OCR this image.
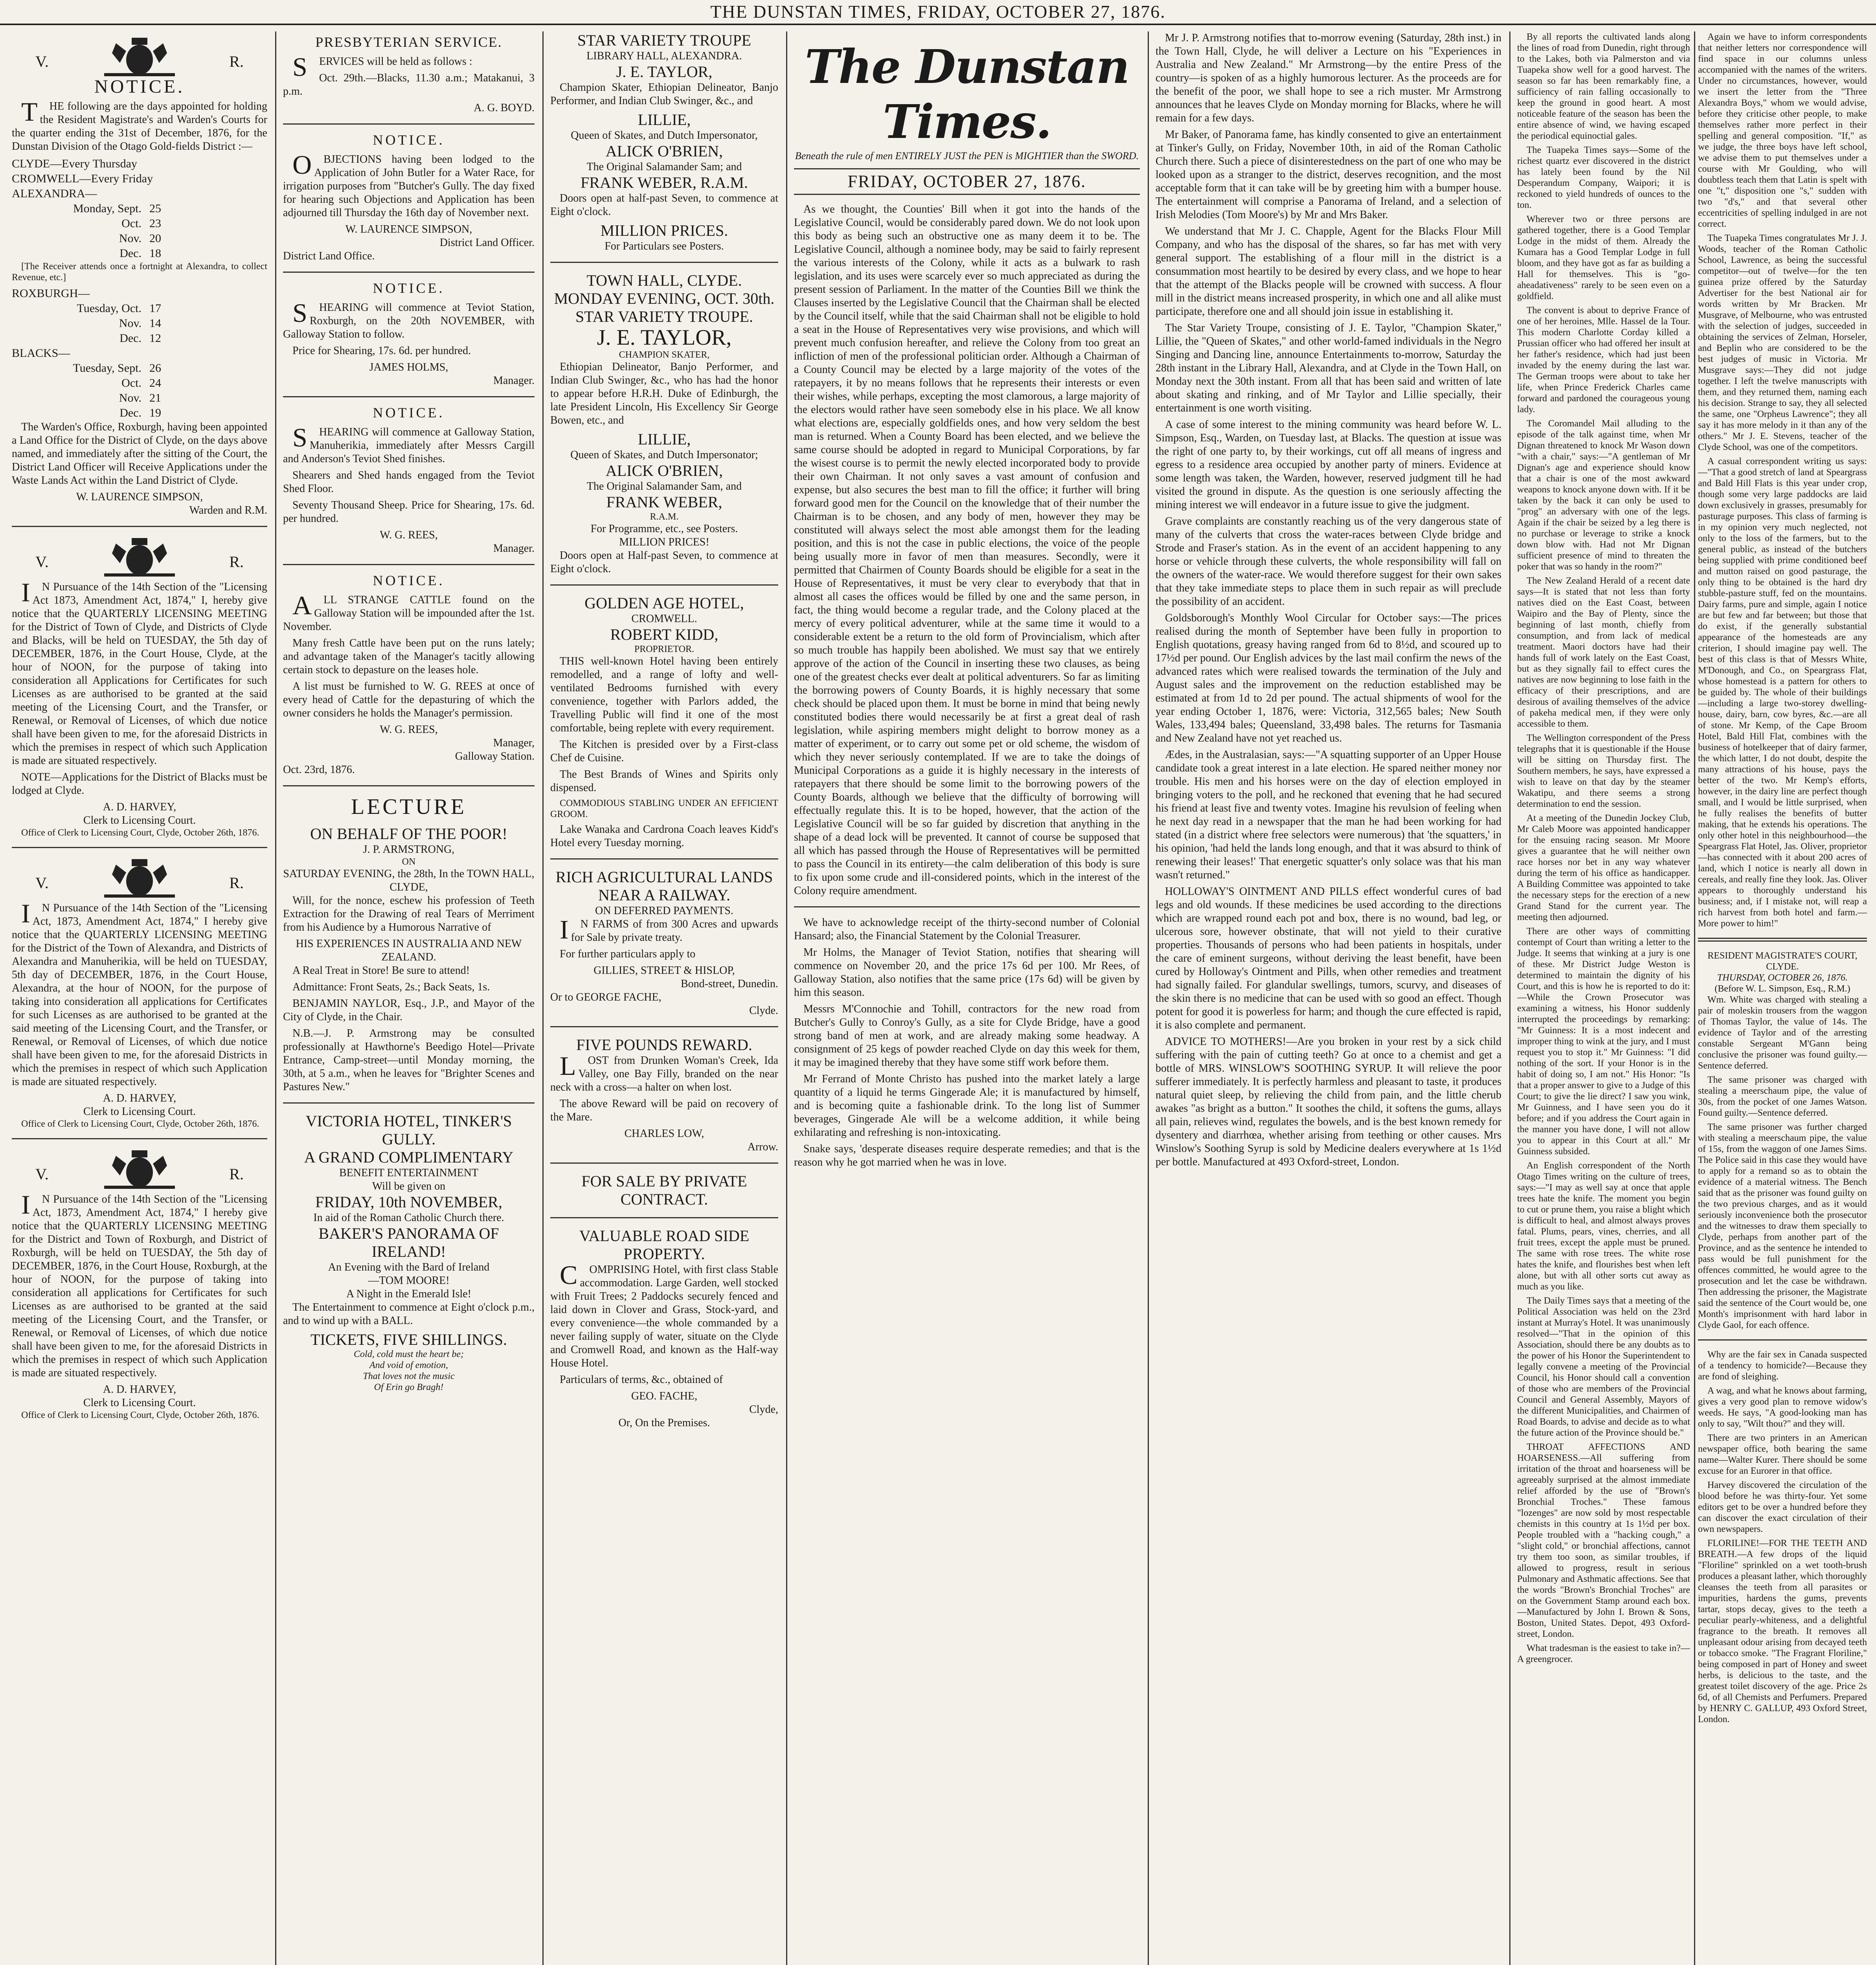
THE DUNSTAN TIMES, FRIDAY, OCTOBER 27, 1876.
V.	R.
NOTICE.

THE following are the days appointed for holding the Resident Magistrate's and Warden's Courts for the quarter ending the 31st of December, 1876, for the Dunstan Division of the Otago Gold-fields District :—

CLYDE—Every Thursday
CROMWELL—Every Friday
ALEXANDRA—
Monday, Sept. 25
Oct. 23
Nov. 20
Dec. 18

[The Receiver attends once a fortnight at Alexandra, to collect Revenue, etc.]

ROXBURGH—
Tuesday, Oct. 17
Nov. 14
Dec. 12
BLACKS—
Tuesday, Sept. 26
Oct. 24
Nov. 21
Dec. 19

The Warden's Office, Roxburgh, having been appointed a Land Office for the District of Clyde, on the days above named, and immediately after the sitting of the Court, the District Land Officer will Receive Applications under the Waste Lands Act within the Land District of Clyde.

W. LAURENCE SIMPSON,
Warden and R.M.
V.	R.

IN Pursuance of the 14th Section of the "Licensing Act 1873, Amendment Act, 1874," I, hereby give notice that the QUARTERLY LICENSING MEETING for the District of Town of Clyde, and Districts of Clyde and Blacks, will be held on TUESDAY, the 5th day of DECEMBER, 1876, in the Court House, Clyde, at the hour of NOON, for the purpose of taking into consideration all Applications for Certificates for such Licenses as are authorised to be granted at the said meeting of the Licensing Court, and the Transfer, or Renewal, or Removal of Licenses, of which due notice shall have been given to me, for the aforesaid Districts in which the premises in respect of which such Application is made are situated respectively.

NOTE—Applications for the District of Blacks must be lodged at Clyde.

A. D. HARVEY,
Clerk to Licensing Court.

Office of Clerk to Licensing Court, Clyde, October 26th, 1876.

V.	R.

IN Pursuance of the 14th Section of the "Licensing Act, 1873, Amendment Act, 1874," I hereby give notice that the QUARTERLY LICENSING MEETING for the District of the Town of Alexandra, and Districts of Alexandra and Manuherikia, will be held on TUESDAY, 5th day of DECEMBER, 1876, in the Court House, Alexandra, at the hour of NOON, for the purpose of taking into consideration all applications for Certificates for such Licenses as are authorised to be granted at the said meeting of the Licensing Court, and the Transfer, or Renewal, or Removal of Licenses, of which due notice shall have been given to me, for the aforesaid Districts in which the premises in respect of which such Application is made are situated respectively.

A. D. HARVEY,
Clerk to Licensing Court.

Office of Clerk to Licensing Court, Clyde, October 26th, 1876.

V.	R.

IN Pursuance of the 14th Section of the "Licensing Act, 1873, Amendment Act, 1874," I hereby give notice that the QUARTERLY LICENSING MEETING for the District and Town of Roxburgh, and District of Roxburgh, will be held on TUESDAY, the 5th day of DECEMBER, 1876, in the Court House, Roxburgh, at the hour of NOON, for the purpose of taking into consideration all applications for Certificates for such Licenses as are authorised to be granted at the said meeting of the Licensing Court, and the Transfer, or Renewal, or Removal of Licenses, of which due notice shall have been given to me, for the aforesaid Districts in which the premises in respect of which such Application is made are situated respectively.

A. D. HARVEY,
Clerk to Licensing Court.

Office of Clerk to Licensing Court, Clyde, October 26th, 1876.

PRESBYTERIAN SERVICE.

SERVICES will be held as follows :

Oct. 29th.—Blacks, 11.30 a.m.; Matakanui, 3 p.m.

A. G. BOYD.
NOTICE.

OBJECTIONS having been lodged to the Application of John Butler for a Water Race, for irrigation purposes from "Butcher's Gully. The day fixed for hearing such Objections and Application has been adjourned till Thursday the 16th day of November next.

W. LAURENCE SIMPSON,
District Land Officer.
District Land Office.
NOTICE.

SHEARING will commence at Teviot Station, Roxburgh, on the 20th NOVEMBER, with Galloway Station to follow.

Price for Shearing, 17s. 6d. per hundred.

JAMES HOLMS,
Manager.
NOTICE.

SHEARING will commence at Galloway Station, Manuherikia, immediately after Messrs Cargill and Anderson's Teviot Shed finishes.

Shearers and Shed hands engaged from the Teviot Shed Floor.

Seventy Thousand Sheep. Price for Shearing, 17s. 6d. per hundred.

W. G. REES,
Manager.
NOTICE.

ALL STRANGE CATTLE found on the Galloway Station will be impounded after the 1st. November.

Many fresh Cattle have been put on the runs lately; and advantage taken of the Manager's tacitly allowing certain stock to depasture on the leases hole.

A list must be furnished to W. G. REES at once of every head of Cattle for the depasturing of which the owner considers he holds the Manager's permission.

W. G. REES,
Manager,
Galloway Station.
Oct. 23rd, 1876.
LECTURE
ON BEHALF OF THE POOR!
J. P. ARMSTRONG,
ON
SATURDAY EVENING, the 28th, In the TOWN HALL, CLYDE,

Will, for the nonce, eschew his profession of Teeth Extraction for the Drawing of real Tears of Merriment from his Audience by a Humorous Narrative of

HIS EXPERIENCES IN AUSTRALIA AND NEW ZEALAND.

A Real Treat in Store! Be sure to attend!

Admittance: Front Seats, 2s.; Back Seats, 1s.

BENJAMIN NAYLOR, Esq., J.P., and Mayor of the City of Clyde, in the Chair.

N.B.—J. P. Armstrong may be consulted professionally at Hawthorne's Beedigo Hotel—Private Entrance, Camp-street—until Monday morning, the 30th, at 5 a.m., when he leaves for "Brighter Scenes and Pastures New."

VICTORIA HOTEL, TINKER'S GULLY.
A GRAND COMPLIMENTARY
BENEFIT ENTERTAINMENT
Will be given on
FRIDAY, 10th NOVEMBER,
In aid of the Roman Catholic Church there.
BAKER'S PANORAMA OF IRELAND!
An Evening with the Bard of Ireland
—TOM MOORE!
A Night in the Emerald Isle!

The Entertainment to commence at Eight o'clock p.m., and to wind up with a BALL.

TICKETS, FIVE SHILLINGS.
Cold, cold must the heart be;
And void of emotion,
That loves not the music
Of Erin go Bragh!
STAR VARIETY TROUPE
LIBRARY HALL, ALEXANDRA.
J. E. TAYLOR,

Champion Skater, Ethiopian Delineator, Banjo Performer, and Indian Club Swinger, &c., and

LILLIE,
Queen of Skates, and Dutch Impersonator,
ALICK O'BRIEN,
The Original Salamander Sam; and
FRANK WEBER, R.A.M.

Doors open at half-past Seven, to commence at Eight o'clock.

MILLION PRICES.
For Particulars see Posters.
TOWN HALL, CLYDE.
MONDAY EVENING, OCT. 30th.
STAR VARIETY TROUPE.
J. E. TAYLOR,
CHAMPION SKATER,

Ethiopian Delineator, Banjo Performer, and Indian Club Swinger, &c., who has had the honor to appear before H.R.H. Duke of Edinburgh, the late President Lincoln, His Excellency Sir George Bowen, etc., and

LILLIE,
Queen of Skates, and Dutch Impersonator;
ALICK O'BRIEN,
The Original Salamander Sam, and
FRANK WEBER,
R.A.M.
For Programme, etc., see Posters.
MILLION PRICES!

Doors open at Half-past Seven, to commence at Eight o'clock.

GOLDEN AGE HOTEL,
CROMWELL.
ROBERT KIDD,
PROPRIETOR.

THIS well-known Hotel having been entirely remodelled, and a range of lofty and well-ventilated Bedrooms furnished with every convenience, together with Parlors added, the Travelling Public will find it one of the most comfortable, being replete with every requirement.

The Kitchen is presided over by a First-class Chef de Cuisine.

The Best Brands of Wines and Spirits only dispensed.

COMMODIOUS STABLING UNDER AN EFFICIENT GROOM.

Lake Wanaka and Cardrona Coach leaves Kidd's Hotel every Tuesday morning.

RICH AGRICULTURAL LANDS NEAR A RAILWAY.
ON DEFERRED PAYMENTS.

IN FARMS of from 300 Acres and upwards for Sale by private treaty.

For further particulars apply to

GILLIES, STREET & HISLOP,
Bond-street, Dunedin.
Or to GEORGE FACHE,
Clyde.
FIVE POUNDS REWARD.

LOST from Drunken Woman's Creek, Ida Valley, one Bay Filly, branded on the near neck with a cross—a halter on when lost.

The above Reward will be paid on recovery of the Mare.

CHARLES LOW,
Arrow.
FOR SALE BY PRIVATE CONTRACT.
VALUABLE ROAD SIDE PROPERTY.

COMPRISING Hotel, with first class Stable accommodation. Large Garden, well stocked with Fruit Trees; 2 Paddocks securely fenced and laid down in Clover and Grass, Stock-yard, and every convenience—the whole commanded by a never failing supply of water, situate on the Clyde and Cromwell Road, and known as the Half-way House Hotel.

Particulars of terms, &c., obtained of

GEO. FACHE,
Clyde,
Or, On the Premises.
The Dunstan Times.
Beneath the rule of men ENTIRELY JUST the PEN is MIGHTIER than the SWORD.
FRIDAY, OCTOBER 27, 1876.

As we thought, the Counties' Bill when it got into the hands of the Legislative Council, would be considerably pared down. We do not look upon this body as being such an obstructive one as many deem it to be. The Legislative Council, although a nominee body, may be said to fairly represent the various interests of the Colony, while it acts as a bulwark to rash legislation, and its uses were scarcely ever so much appreciated as during the present session of Parliament. In the matter of the Counties Bill we think the Clauses inserted by the Legislative Council that the Chairman shall be elected by the Council itself, while that the said Chairman shall not be eligible to hold a seat in the House of Representatives very wise provisions, and which will prevent much confusion hereafter, and relieve the Colony from too great an infliction of men of the professional politician order. Although a Chairman of a County Council may be elected by a large majority of the votes of the ratepayers, it by no means follows that he represents their interests or even their wishes, while perhaps, excepting the most clamorous, a large majority of the electors would rather have seen somebody else in his place. We all know what elections are, especially goldfields ones, and how very seldom the best man is returned. When a County Board has been elected, and we believe the same course should be adopted in regard to Municipal Corporations, by far the wisest course is to permit the newly elected incorporated body to provide their own Chairman. It not only saves a vast amount of confusion and expense, but also secures the best man to fill the office; it further will bring forward good men for the Council on the knowledge that of their number the Chairman is to be chosen, and any body of men, however they may be constituted will always select the most able amongst them for the leading position, and this is not the case in public elections, the voice of the people being usually more in favor of men than measures. Secondly, were it permitted that Chairmen of County Boards should be eligible for a seat in the House of Representatives, it must be very clear to everybody that that in almost all cases the offices would be filled by one and the same person, in fact, the thing would become a regular trade, and the Colony placed at the mercy of every political adventurer, while at the same time it would to a considerable extent be a return to the old form of Provincialism, which after so much trouble has happily been abolished. We must say that we entirely approve of the action of the Council in inserting these two clauses, as being one of the greatest checks ever dealt at political adventurers. So far as limiting the borrowing powers of County Boards, it is highly necessary that some check should be placed upon them. It must be borne in mind that being newly constituted bodies there would necessarily be at first a great deal of rash legislation, while aspiring members might delight to borrow money as a matter of experiment, or to carry out some pet or old scheme, the wisdom of which they never seriously contemplated. If we are to take the doings of Municipal Corporations as a guide it is highly necessary in the interests of ratepayers that there should be some limit to the borrowing powers of the County Boards, although we believe that the difficulty of borrowing will effectually regulate this. It is to be hoped, however, that the action of the Legislative Council will be so far guided by discretion that anything in the shape of a dead lock will be prevented. It cannot of course be supposed that all which has passed through the House of Representatives will be permitted to pass the Council in its entirety—the calm deliberation of this body is sure to fix upon some crude and ill-considered points, which in the interest of the Colony require amendment.

We have to acknowledge receipt of the thirty-second number of Colonial Hansard; also, the Financial Statement by the Colonial Treasurer.

Mr Holms, the Manager of Teviot Station, notifies that shearing will commence on November 20, and the price 17s 6d per 100. Mr Rees, of Galloway Station, also notifies that the same price (17s 6d) will be given by him this season.

Messrs M'Connochie and Tohill, contractors for the new road from Butcher's Gully to Conroy's Gully, as a site for Clyde Bridge, have a good strong band of men at work, and are already making some headway. A consignment of 25 kegs of powder reached Clyde on day this week for them, it may be imagined thereby that they have some stiff work before them.

Mr Ferrand of Monte Christo has pushed into the market lately a large quantity of a liquid he terms Gingerade Ale; it is manufactured by himself, and is becoming quite a fashionable drink. To the long list of Summer beverages, Gingerade Ale will be a welcome addition, it while being exhilarating and refreshing is non-intoxicating.

Snake says, 'desperate diseases require desperate remedies; and that is the reason why he got married when he was in love.

Mr J. P. Armstrong notifies that to-morrow evening (Saturday, 28th inst.) in the Town Hall, Clyde, he will deliver a Lecture on his "Experiences in Australia and New Zealand." Mr Armstrong—by the entire Press of the country—is spoken of as a highly humorous lecturer. As the proceeds are for the benefit of the poor, we shall hope to see a rich muster. Mr Armstrong announces that he leaves Clyde on Monday morning for Blacks, where he will remain for a few days.

Mr Baker, of Panorama fame, has kindly consented to give an entertainment at Tinker's Gully, on Friday, November 10th, in aid of the Roman Catholic Church there. Such a piece of disinterestedness on the part of one who may be looked upon as a stranger to the district, deserves recognition, and the most acceptable form that it can take will be by greeting him with a bumper house. The entertainment will comprise a Panorama of Ireland, and a selection of Irish Melodies (Tom Moore's) by Mr and Mrs Baker.

We understand that Mr J. C. Chapple, Agent for the Blacks Flour Mill Company, and who has the disposal of the shares, so far has met with very general support. The establishing of a flour mill in the district is a consummation most heartily to be desired by every class, and we hope to hear that the attempt of the Blacks people will be crowned with success. A flour mill in the district means increased prosperity, in which one and all alike must participate, therefore one and all should join issue in establishing it.

The Star Variety Troupe, consisting of J. E. Taylor, "Champion Skater," Lillie, the "Queen of Skates," and other world-famed individuals in the Negro Singing and Dancing line, announce Entertainments to-morrow, Saturday the 28th instant in the Library Hall, Alexandra, and at Clyde in the Town Hall, on Monday next the 30th instant. From all that has been said and written of late about skating and rinking, and of Mr Taylor and Lillie specially, their entertainment is one worth visiting.

A case of some interest to the mining community was heard before W. L. Simpson, Esq., Warden, on Tuesday last, at Blacks. The question at issue was the right of one party to, by their workings, cut off all means of ingress and egress to a residence area occupied by another party of miners. Evidence at some length was taken, the Warden, however, reserved judgment till he had visited the ground in dispute. As the question is one seriously affecting the mining interest we will endeavor in a future issue to give the judgment.

Grave complaints are constantly reaching us of the very dangerous state of many of the culverts that cross the water-races between Clyde bridge and Strode and Fraser's station. As in the event of an accident happening to any horse or vehicle through these culverts, the whole responsibility will fall on the owners of the water-race. We would therefore suggest for their own sakes that they take immediate steps to place them in such repair as will preclude the possibility of an accident.

Goldsborough's Monthly Wool Circular for October says:—The prices realised during the month of September have been fully in proportion to English quotations, greasy having ranged from 6d to 8½d, and scoured up to 17½d per pound. Our English advices by the last mail confirm the news of the advanced rates which were realised towards the termination of the July and August sales and the improvement on the reduction established may be estimated at from 1d to 2d per pound. The actual shipments of wool for the year ending October 1, 1876, were: Victoria, 312,565 bales; New South Wales, 133,494 bales; Queensland, 33,498 bales. The returns for Tasmania and New Zealand have not yet reached us.

Ædes, in the Australasian, says:—"A squatting supporter of an Upper House candidate took a great interest in a late election. He spared neither money nor trouble. His men and his horses were on the day of election employed in bringing voters to the poll, and he reckoned that evening that he had secured his friend at least five and twenty votes. Imagine his revulsion of feeling when he next day read in a newspaper that the man he had been working for had stated (in a district where free selectors were numerous) that 'the squatters,' in his opinion, 'had held the lands long enough, and that it was absurd to think of renewing their leases!' That energetic squatter's only solace was that his man wasn't returned."

HOLLOWAY'S OINTMENT AND PILLS effect wonderful cures of bad legs and old wounds. If these medicines be used according to the directions which are wrapped round each pot and box, there is no wound, bad leg, or ulcerous sore, however obstinate, that will not yield to their curative properties. Thousands of persons who had been patients in hospitals, under the care of eminent surgeons, without deriving the least benefit, have been cured by Holloway's Ointment and Pills, when other remedies and treatment had signally failed. For glandular swellings, tumors, scurvy, and diseases of the skin there is no medicine that can be used with so good an effect. Though potent for good it is powerless for harm; and though the cure effected is rapid, it is also complete and permanent.

ADVICE TO MOTHERS!—Are you broken in your rest by a sick child suffering with the pain of cutting teeth? Go at once to a chemist and get a bottle of MRS. WINSLOW'S SOOTHING SYRUP. It will relieve the poor sufferer immediately. It is perfectly harmless and pleasant to taste, it produces natural quiet sleep, by relieving the child from pain, and the little cherub awakes "as bright as a button." It soothes the child, it softens the gums, allays all pain, relieves wind, regulates the bowels, and is the best known remedy for dysentery and diarrhœa, whether arising from teething or other causes. Mrs Winslow's Soothing Syrup is sold by Medicine dealers everywhere at 1s 1½d per bottle. Manufactured at 493 Oxford-street, London.

By all reports the cultivated lands along the lines of road from Dunedin, right through to the Lakes, both via Palmerston and via Tuapeka show well for a good harvest. The season so far has been remarkably fine, a sufficiency of rain falling occasionally to keep the ground in good heart. A most noticeable feature of the season has been the entire absence of wind, we having escaped the periodical equinoctial gales.

The Tuapeka Times says—Some of the richest quartz ever discovered in the district has lately been found by the Nil Desperandum Company, Waipori; it is reckoned to yield hundreds of ounces to the ton.

Wherever two or three persons are gathered together, there is a Good Templar Lodge in the midst of them. Already the Kumara has a Good Templar Lodge in full bloom, and they have got as far as building a Hall for themselves. This is "go-aheadativeness" rarely to be seen even on a goldfield.

The convent is about to deprive France of one of her heroines, Mlle. Hassel de la Tour. This modern Charlotte Corday killed a Prussian officer who had offered her insult at her father's residence, which had just been invaded by the enemy during the last war. The German troops were about to take her life, when Prince Frederick Charles came forward and pardoned the courageous young lady.

The Coromandel Mail alluding to the episode of the talk against time, when Mr Dignan threatened to knock Mr Wason down "with a chair," says:—"A gentleman of Mr Dignan's age and experience should know that a chair is one of the most awkward weapons to knock anyone down with. If it be taken by the back it can only be used to "prog" an adversary with one of the legs. Again if the chair be seized by a leg there is no purchase or leverage to strike a knock down blow with. Had not Mr Dignan sufficient presence of mind to threaten the poker that was so handy in the room?"

The New Zealand Herald of a recent date says—It is stated that not less than forty natives died on the East Coast, between Waipiro and the Bay of Plenty, since the beginning of last month, chiefly from consumption, and from lack of medical treatment. Maori doctors have had their hands full of work lately on the East Coast, but as they signally fail to effect cures the natives are now beginning to lose faith in the efficacy of their prescriptions, and are desirous of availing themselves of the advice of pakeha medical men, if they were only accessible to them.

The Wellington correspondent of the Press telegraphs that it is questionable if the House will be sitting on Thursday first. The Southern members, he says, have expressed a wish to leave on that day by the steamer Wakatipu, and there seems a strong determination to end the session.

At a meeting of the Dunedin Jockey Club, Mr Caleb Moore was appointed handicapper for the ensuing racing season. Mr Moore gives a guarantee that he will neither own race horses nor bet in any way whatever during the term of his office as handicapper. A Building Committee was appointed to take the necessary steps for the erection of a new Grand Stand for the current year. The meeting then adjourned.

There are other ways of committing contempt of Court than writing a letter to the Judge. It seems that winking at a jury is one of these. Mr District Judge Weston is determined to maintain the dignity of his Court, and this is how he is reported to do it:—While the Crown Prosecutor was examining a witness, his Honor suddenly interrupted the proceedings by remarking: "Mr Guinness: It is a most indecent and improper thing to wink at the jury, and I must request you to stop it." Mr Guinness: "I did nothing of the sort. If your Honor is in the habit of doing so, I am not." His Honor: "Is that a proper answer to give to a Judge of this Court; to give the lie direct? I saw you wink, Mr Guinness, and I have seen you do it before; and if you address the Court again in the manner you have done, I will not allow you to appear in this Court at all." Mr Guinness subsided.

An English correspondent of the North Otago Times writing on the culture of trees, says:—"I may as well say at once that apple trees hate the knife. The moment you begin to cut or prune them, you raise a blight which is difficult to heal, and almost always proves fatal. Plums, pears, vines, cherries, and all fruit trees, except the apple must be pruned. The same with rose trees. The white rose hates the knife, and flourishes best when left alone, but with all other sorts cut away as much as you like.

The Daily Times says that a meeting of the Political Association was held on the 23rd instant at Murray's Hotel. It was unanimously resolved—"That in the opinion of this Association, should there be any doubts as to the power of his Honor the Superintendent to legally convene a meeting of the Provincial Council, his Honor should call a convention of those who are members of the Provincial Council and General Assembly, Mayors of the different Municipalities, and Chairmen of Road Boards, to advise and decide as to what the future action of the Province should be."

THROAT AFFECTIONS AND HOARSENESS.—All suffering from irritation of the throat and hoarseness will be agreeably surprised at the almost immediate relief afforded by the use of "Brown's Bronchial Troches." These famous "lozenges" are now sold by most respectable chemists in this country at 1s 1½d per box. People troubled with a "hacking cough," a "slight cold," or bronchial affections, cannot try them too soon, as similar troubles, if allowed to progress, result in serious Pulmonary and Asthmatic affections. See that the words "Brown's Bronchial Troches" are on the Government Stamp around each box.—Manufactured by John I. Brown & Sons, Boston, United States. Depot, 493 Oxford-street, London.

What tradesman is the easiest to take in?—A greengrocer.

Again we have to inform correspondents that neither letters nor correspondence will find space in our columns unless accompanied with the names of the writers. Under no circumstances, however, would we insert the letter from the "Three Alexandra Boys," whom we would advise, before they criticise other people, to make themselves rather more perfect in their spelling and general composition. "If," as we judge, the three boys have left school, we advise them to put themselves under a course with Mr Goulding, who will doubtless teach them that Latin is spelt with one "t," disposition one "s," sudden with two "d's," and that several other eccentricities of spelling indulged in are not correct.

The Tuapeka Times congratulates Mr J. J. Woods, teacher of the Roman Catholic School, Lawrence, as being the successful competitor—out of twelve—for the ten guinea prize offered by the Saturday Advertiser for the best National air for words written by Mr Bracken. Mr Musgrave, of Melbourne, who was entrusted with the selection of judges, succeeded in obtaining the services of Zelman, Horseler, and Beplin who are considered to be the best judges of music in Victoria. Mr Musgrave says:—They did not judge together. I left the twelve manuscripts with them, and they returned them, naming each his decision. Strange to say, they all selected the same, one "Orpheus Lawrence"; they all say it has more melody in it than any of the others." Mr J. E. Stevens, teacher of the Clyde School, was one of the competitors.

A casual correspondent writing us says:—"That a good stretch of land at Speargrass and Bald Hill Flats is this year under crop, though some very large paddocks are laid down exclusively in grasses, presumably for pasturage purposes. This class of farming is in my opinion very much neglected, not only to the loss of the farmers, but to the general public, as instead of the butchers being supplied with prime conditioned beef and mutton raised on good pasturage, the only thing to be obtained is the hard dry stubble-pasture stuff, fed on the mountains. Dairy farms, pure and simple, again I notice are but few and far between; but those that do exist, if the generally substantial appearance of the homesteads are any criterion, I should imagine pay well. The best of this class is that of Messrs White, M'Donough, and Co., on Speargrass Flat, whose homestead is a pattern for others to be guided by. The whole of their buildings—including a large two-storey dwelling-house, dairy, barn, cow byres, &c.—are all of stone. Mr Kemp, of the Cape Broom Hotel, Bald Hill Flat, combines with the business of hotelkeeper that of dairy farmer, the which latter, I do not doubt, despite the many attractions of his house, pays the better of the two. Mr Kemp's efforts, however, in the dairy line are perfect though small, and I would be little surprised, when he fully realises the benefits of butter making, that he extends his operations. The only other hotel in this neighbourhood—the Speargrass Flat Hotel, Jas. Oliver, proprietor—has connected with it about 200 acres of land, which I notice is nearly all down in cereals, and really fine they look. Jas. Oliver appears to thoroughly understand his business; and, if I mistake not, will reap a rich harvest from both hotel and farm.—More power to him!"

RESIDENT MAGISTRATE'S COURT, CLYDE.
THURSDAY, OCTOBER 26, 1876.
(Before W. L. Simpson, Esq., R.M.)

Wm. White was charged with stealing a pair of moleskin trousers from the waggon of Thomas Taylor, the value of 14s. The evidence of Taylor and of the arresting constable Sergeant M'Gann being conclusive the prisoner was found guilty.—Sentence deferred.

The same prisoner was charged with stealing a meerschaum pipe, the value of 30s, from the pocket of one James Watson. Found guilty.—Sentence deferred.

The same prisoner was further charged with stealing a meerschaum pipe, the value of 15s, from the waggon of one James Sims. The Police said in this case they would have to apply for a remand so as to obtain the evidence of a material witness. The Bench said that as the prisoner was found guilty on the two previous charges, and as it would seriously inconvenience both the prosecutor and the witnesses to draw them specially to Clyde, perhaps from another part of the Province, and as the sentence he intended to pass would be full punishment for the offences committed, he would agree to the prosecution and let the case be withdrawn. Then addressing the prisoner, the Magistrate said the sentence of the Court would be, one Month's imprisonment with hard labor in Clyde Gaol, for each offence.

Why are the fair sex in Canada suspected of a tendency to homicide?—Because they are fond of sleighing.

A wag, and what he knows about farming, gives a very good plan to remove widow's weeds. He says, "A good-looking man has only to say, "Wilt thou?" and they will.

There are two printers in an American newspaper office, both bearing the same name—Walter Kurer. There should be some excuse for an Eurorer in that office.

Harvey discovered the circulation of the blood before he was thirty-four. Yet some editors get to be over a hundred before they can discover the exact circulation of their own newspapers.

FLORILINE!—FOR THE TEETH AND BREATH.—A few drops of the liquid "Floriline" sprinkled on a wet tooth-brush produces a pleasant lather, which thoroughly cleanses the teeth from all parasites or impurities, hardens the gums, prevents tartar, stops decay, gives to the teeth a peculiar pearly-whiteness, and a delightful fragrance to the breath. It removes all unpleasant odour arising from decayed teeth or tobacco smoke. "The Fragrant Floriline," being composed in part of Honey and sweet herbs, is delicious to the taste, and the greatest toilet discovery of the age. Price 2s 6d, of all Chemists and Perfumers. Prepared by HENRY C. GALLUP, 493 Oxford Street, London.
